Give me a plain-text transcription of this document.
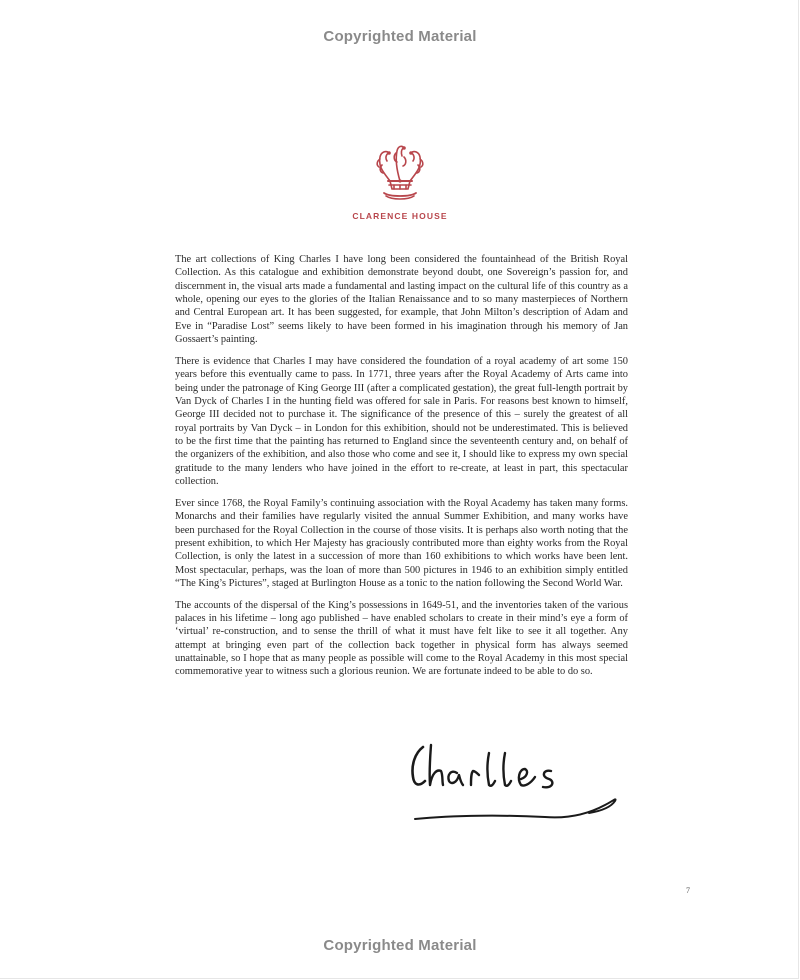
Copyrighted Material
CLARENCE HOUSE

The art collections of King Charles I have long been considered the fountainhead of the British Royal Collection. As this catalogue and exhibition demonstrate beyond doubt, one Sovereign’s passion for, and discernment in, the visual arts made a fundamental and lasting impact on the cultural life of this country as a whole, opening our eyes to the glories of the Italian Renaissance and to so many masterpieces of Northern and Central European art. It has been suggested, for example, that John Milton’s description of Adam and Eve in “Paradise Lost” seems likely to have been formed in his imagination through his memory of Jan Gossaert’s painting.

There is evidence that Charles I may have considered the foundation of a royal academy of art some 150 years before this eventually came to pass. In 1771, three years after the Royal Academy of Arts came into being under the patronage of King George III (after a complicated gestation), the great full-length portrait by Van Dyck of Charles I in the hunting field was offered for sale in Paris. For reasons best known to himself, George III decided not to purchase it. The significance of the presence of this – surely the greatest of all royal portraits by Van Dyck – in London for this exhibition, should not be underestimated. This is believed to be the first time that the painting has returned to England since the seventeenth century and, on behalf of the organizers of the exhibition, and also those who come and see it, I should like to express my own special gratitude to the many lenders who have joined in the effort to re-create, at least in part, this spectacular collection.

Ever since 1768, the Royal Family’s continuing association with the Royal Academy has taken many forms. Monarchs and their families have regularly visited the annual Summer Exhibition, and many works have been purchased for the Royal Collection in the course of those visits. It is perhaps also worth noting that the present exhibition, to which Her Majesty has graciously contributed more than eighty works from the Royal Collection, is only the latest in a succession of more than 160 exhibitions to which works have been lent. Most spectacular, perhaps, was the loan of more than 500 pictures in 1946 to an exhibition simply entitled “The King’s Pictures”, staged at Burlington House as a tonic to the nation following the Second World War.

The accounts of the dispersal of the King’s possessions in 1649-51, and the inventories taken of the various palaces in his lifetime – long ago published – have enabled scholars to create in their mind’s eye a form of ‘virtual’ re-construction, and to sense the thrill of what it must have felt like to see it all together. Any attempt at bringing even part of the collection back together in physical form has always seemed unattainable, so I hope that as many people as possible will come to the Royal Academy in this most special commemorative year to witness such a glorious reunion. We are fortunate indeed to be able to do so.

7
Copyrighted Material
